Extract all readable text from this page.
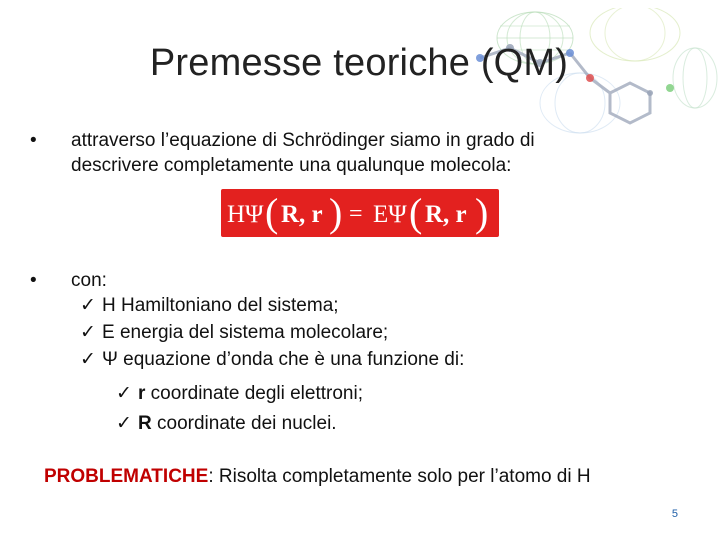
Premesse teoriche (QM)
• attraverso l’equazione di Schrödinger siamo in grado di
descrivere completamente una qualunque molecola:
HΨ ( R, r ) = EΨ ( R, r )
• con:
✓ H Hamiltoniano del sistema;
✓ E energia del sistema molecolare;
✓ Ψ equazione d’onda che è una funzione di:
✓ r coordinate degli elettroni;
✓ R coordinate dei nuclei.
PROBLEMATICHE: Risolta completamente solo per l’atomo di H
5
